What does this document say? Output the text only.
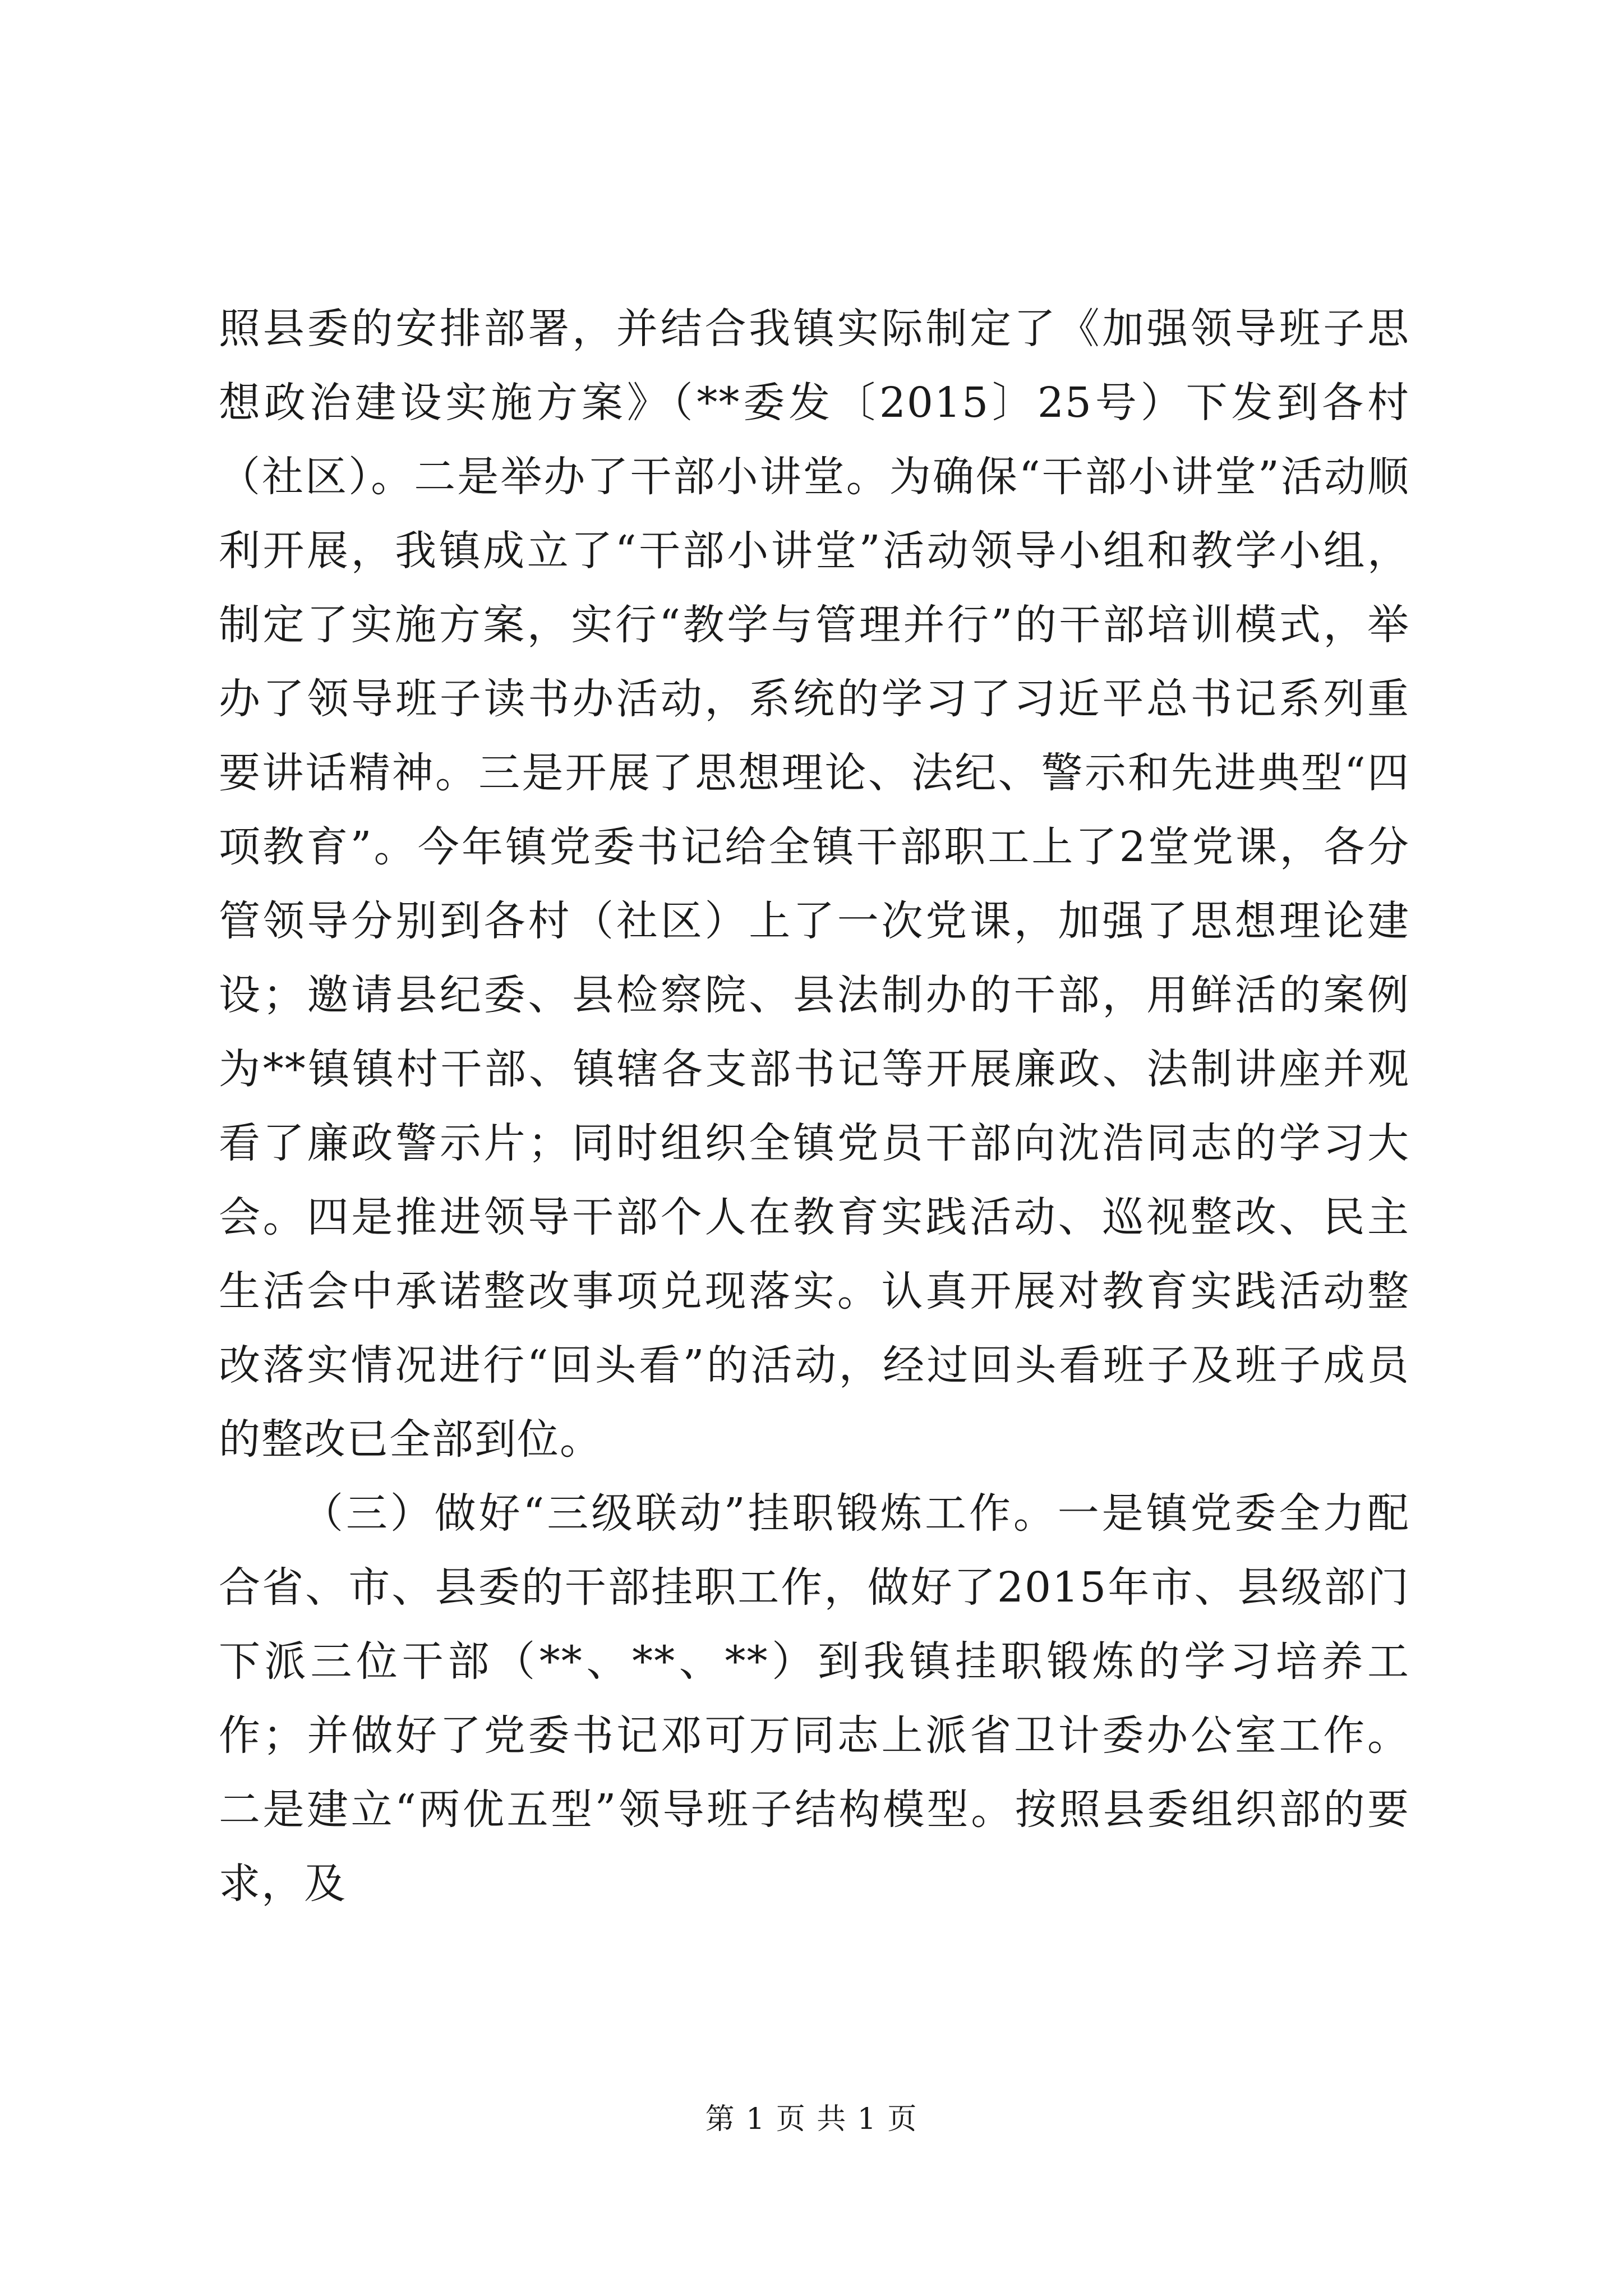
照县委的安排部署，并结合我镇实际制定了《加强领导班子思想政治建设实施方案》（**委发〔2015〕25号）下发到各村（社区）。二是举办了干部小讲堂。为确保“干部小讲堂”活动顺利开展，我镇成立了“干部小讲堂”活动领导小组和教学小组，制定了实施方案，实行“教学与管理并行”的干部培训模式，举办了领导班子读书办活动，系统的学习了习近平总书记系列重要讲话精神。三是开展了思想理论、法纪、警示和先进典型“四项教育”。今年镇党委书记给全镇干部职工上了2堂党课，各分管领导分别到各村（社区）上了一次党课，加强了思想理论建设；邀请县纪委、县检察院、县法制办的干部，用鲜活的案例为**镇镇村干部、镇辖各支部书记等开展廉政、法制讲座并观看了廉政警示片；同时组织全镇党员干部向沈浩同志的学习大会。四是推进领导干部个人在教育实践活动、巡视整改、民主生活会中承诺整改事项兑现落实。认真开展对教育实践活动整改落实情况进行“回头看”的活动，经过回头看班子及班子成员的整改已全部到位。

（三）做好“三级联动”挂职锻炼工作。一是镇党委全力配合省、市、县委的干部挂职工作，做好了2015年市、县级部门下派三位干部（**、**、**）到我镇挂职锻炼的学习培养工作；并做好了党委书记邓可万同志上派省卫计委办公室工作。二是建立“两优五型”领导班子结构模型。按照县委组织部的要求，及

第 1 页 共 1 页
